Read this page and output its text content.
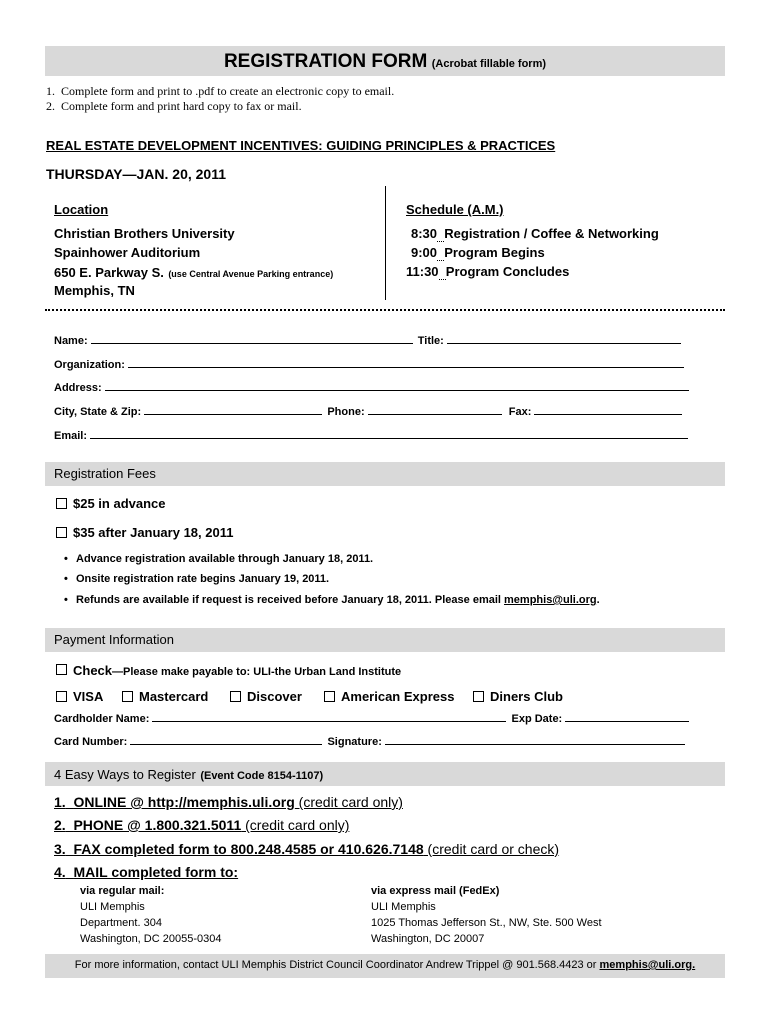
REGISTRATION FORM (Acrobat fillable form)
1.  Complete form and print to .pdf to create an electronic copy to email.
2.  Complete form and print hard copy to fax or mail.
REAL ESTATE DEVELOPMENT INCENTIVES: GUIDING PRINCIPLES & PRACTICES
THURSDAY—JAN. 20, 2011
Location
Christian Brothers University
Spainhower Auditorium
650 E. Parkway S. (use Central Avenue Parking entrance)
Memphis, TN
Schedule (A.M.)
8:30 Registration / Coffee & Networking
9:00 Program Begins
11:30 Program Concludes
Name:	Title:
Organization:
Address:
City, State & Zip:	Phone:	Fax:
Email:
Registration Fees
$25 in advance
$35 after January 18, 2011
• Advance registration available through January 18, 2011.
• Onsite registration rate begins January 19, 2011.
• Refunds are available if request is received before January 18, 2011. Please email memphis@uli.org.
Payment Information
Check—Please make payable to: ULI-the Urban Land Institute
VISA	Mastercard	Discover	American Express	Diners Club
Cardholder Name:	Exp Date:
Card Number:	Signature:
4 Easy Ways to Register (Event Code 8154-1107)
1. ONLINE @ http://memphis.uli.org (credit card only)
2. PHONE @ 1.800.321.5011 (credit card only)
3. FAX completed form to 800.248.4585 or 410.626.7148 (credit card or check)
4. MAIL completed form to:
via regular mail:
ULI Memphis
Department. 304
Washington, DC 20055-0304
via express mail (FedEx)
ULI Memphis
1025 Thomas Jefferson St., NW, Ste. 500 West
Washington, DC 20007
For more information, contact ULI Memphis District Council Coordinator Andrew Trippel @ 901.568.4423 or memphis@uli.org.
